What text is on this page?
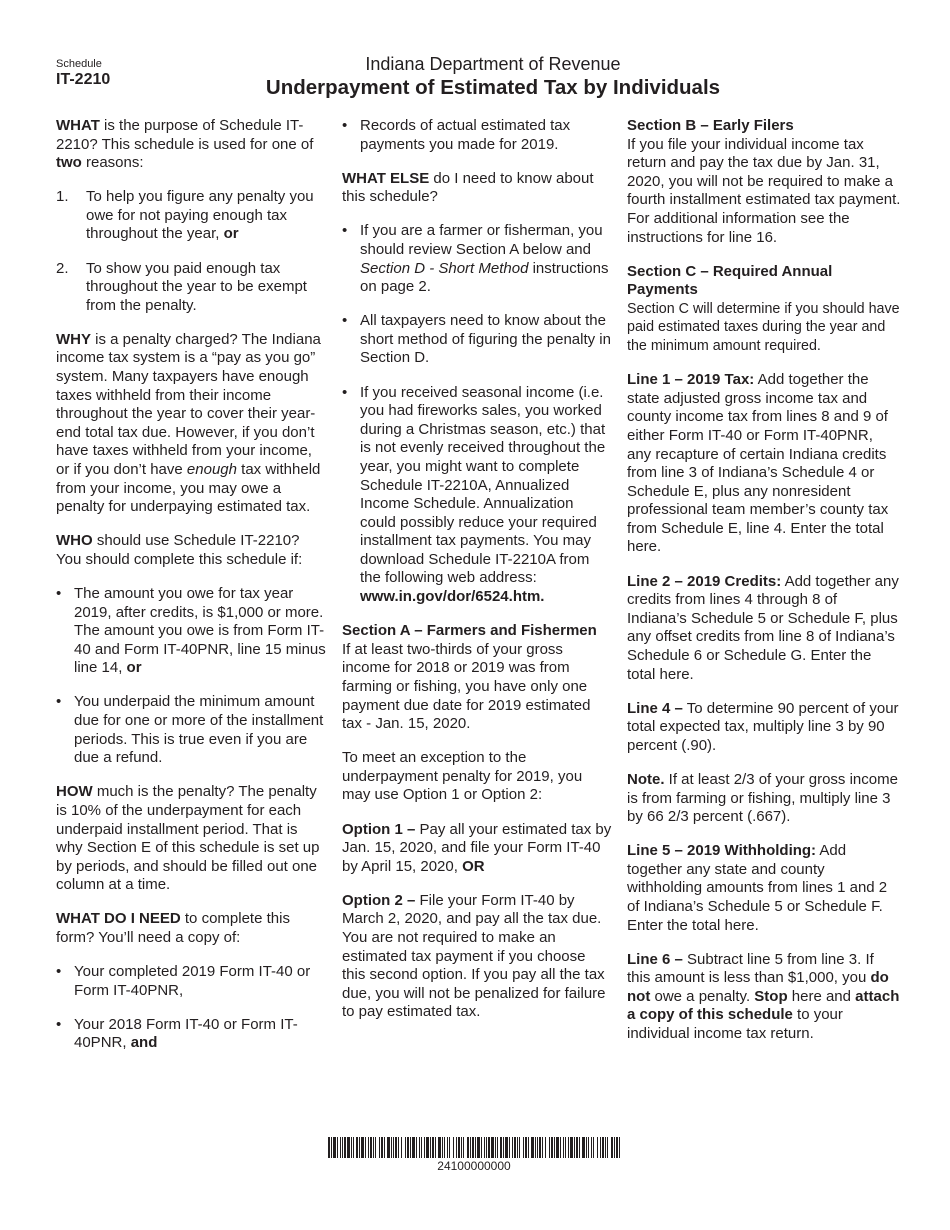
Schedule
IT-2210
Indiana Department of Revenue
Underpayment of Estimated Tax by Individuals

WHAT is the purpose of Schedule IT-2210? This schedule is used for one of two reasons:

1.	To help you figure any penalty you owe for not paying enough tax throughout the year, or
2.	To show you paid enough tax throughout the year to be exempt from the penalty.

WHY is a penalty charged? The Indiana income tax system is a “pay as you go” system. Many taxpayers have enough taxes withheld from their income throughout the year to cover their year-end total tax due. However, if you don’t have taxes withheld from your income, or if you don’t have enough tax withheld from your income, you may owe a penalty for underpaying estimated tax.

WHO should use Schedule IT-2210? You should complete this schedule if:

• The amount you owe for tax year 2019, after credits, is $1,000 or more. The amount you owe is from Form IT-40 and Form IT-40PNR, line 15 minus line 14, or
• You underpaid the minimum amount due for one or more of the installment periods. This is true even if you are due a refund.

HOW much is the penalty? The penalty is 10% of the underpayment for each underpaid installment period. That is why Section E of this schedule is set up by periods, and should be filled out one column at a time.

WHAT DO I NEED to complete this form? You’ll need a copy of:

• Your completed 2019 Form IT-40 or Form IT-40PNR,
• Your 2018 Form IT-40 or Form IT-40PNR, and
• Records of actual estimated tax payments you made for 2019.

WHAT ELSE do I need to know about this schedule?

• If you are a farmer or fisherman, you should review Section A below and Section D - Short Method instructions on page 2.
• All taxpayers need to know about the short method of figuring the penalty in Section D.
• If you received seasonal income (i.e. you had fireworks sales, you worked during a Christmas season, etc.) that is not evenly received throughout the year, you might want to complete Schedule IT-2210A, Annualized Income Schedule. Annualization could possibly reduce your required installment tax payments. You may download Schedule IT-2210A from the following web address: www.in.gov/dor/6524.htm.

Section A – Farmers and Fishermen
If at least two-thirds of your gross income for 2018 or 2019 was from farming or fishing, you have only one payment due date for 2019 estimated tax - Jan. 15, 2020.

To meet an exception to the underpayment penalty for 2019, you may use Option 1 or Option 2:

Option 1 – Pay all your estimated tax by Jan. 15, 2020, and file your Form IT-40 by April 15, 2020, OR

Option 2 – File your Form IT-40 by March 2, 2020, and pay all the tax due. You are not required to make an estimated tax payment if you choose this second option. If you pay all the tax due, you will not be penalized for failure to pay estimated tax.

Section B – Early Filers
If you file your individual income tax return and pay the tax due by Jan. 31, 2020, you will not be required to make a fourth installment estimated tax payment. For additional information see the instructions for line 16.

Section C – Required Annual Payments
Section C will determine if you should have paid estimated taxes during the year and the minimum amount required.

Line 1 – 2019 Tax: Add together the state adjusted gross income tax and county income tax from lines 8 and 9 of either Form IT-40 or Form IT-40PNR, any recapture of certain Indiana credits from line 3 of Indiana’s Schedule 4 or Schedule E, plus any nonresident professional team member’s county tax from Schedule E, line 4. Enter the total here.

Line 2 – 2019 Credits: Add together any credits from lines 4 through 8 of Indiana’s Schedule 5 or Schedule F, plus any offset credits from line 8 of Indiana’s Schedule 6 or Schedule G. Enter the total here.

Line 4 – To determine 90 percent of your total expected tax, multiply line 3 by 90 percent (.90).

Note. If at least 2/3 of your gross income is from farming or fishing, multiply line 3 by 66 2/3 percent (.667).

Line 5 – 2019 Withholding: Add together any state and county withholding amounts from lines 1 and 2 of Indiana’s Schedule 5 or Schedule F. Enter the total here.

Line 6 – Subtract line 5 from line 3. If this amount is less than $1,000, you do not owe a penalty. Stop here and attach a copy of this schedule to your individual income tax return.

24100000000
